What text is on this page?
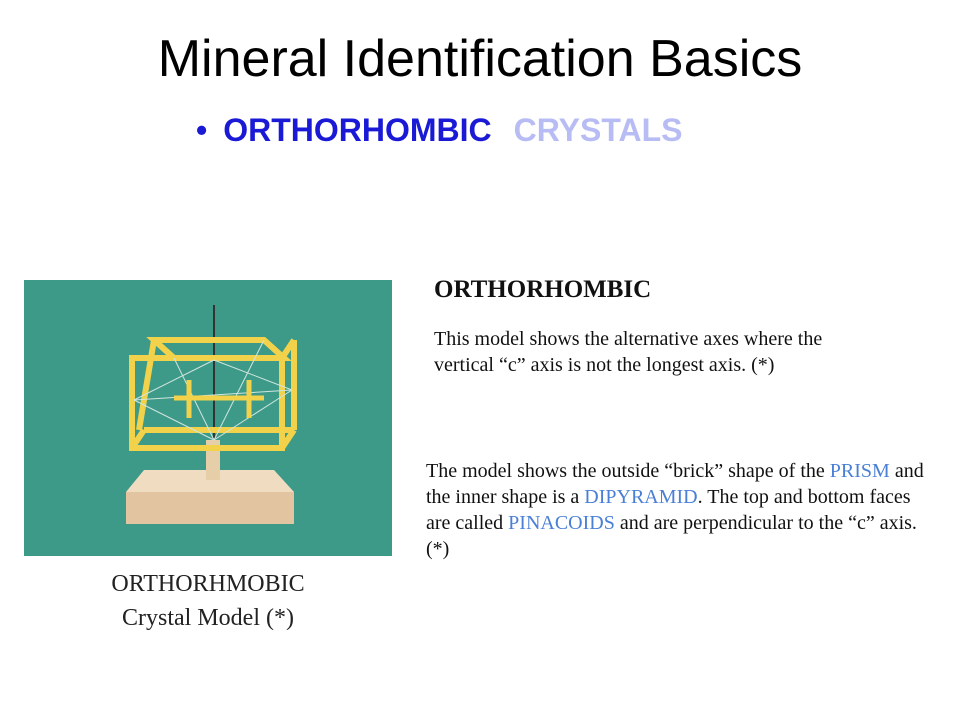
Mineral Identification Basics
• ORTHORHOMBIC CRYSTALS
ORTHORHMOBIC
Crystal Model (*)
ORTHORHOMBIC
This model shows the alternative axes where the vertical “c” axis is not the longest axis. (*)
The model shows the outside “brick” shape of the PRISM and the inner shape is a DIPYRAMID. The top and bottom faces are called PINACOIDS and are perpendicular to the “c” axis. (*)
